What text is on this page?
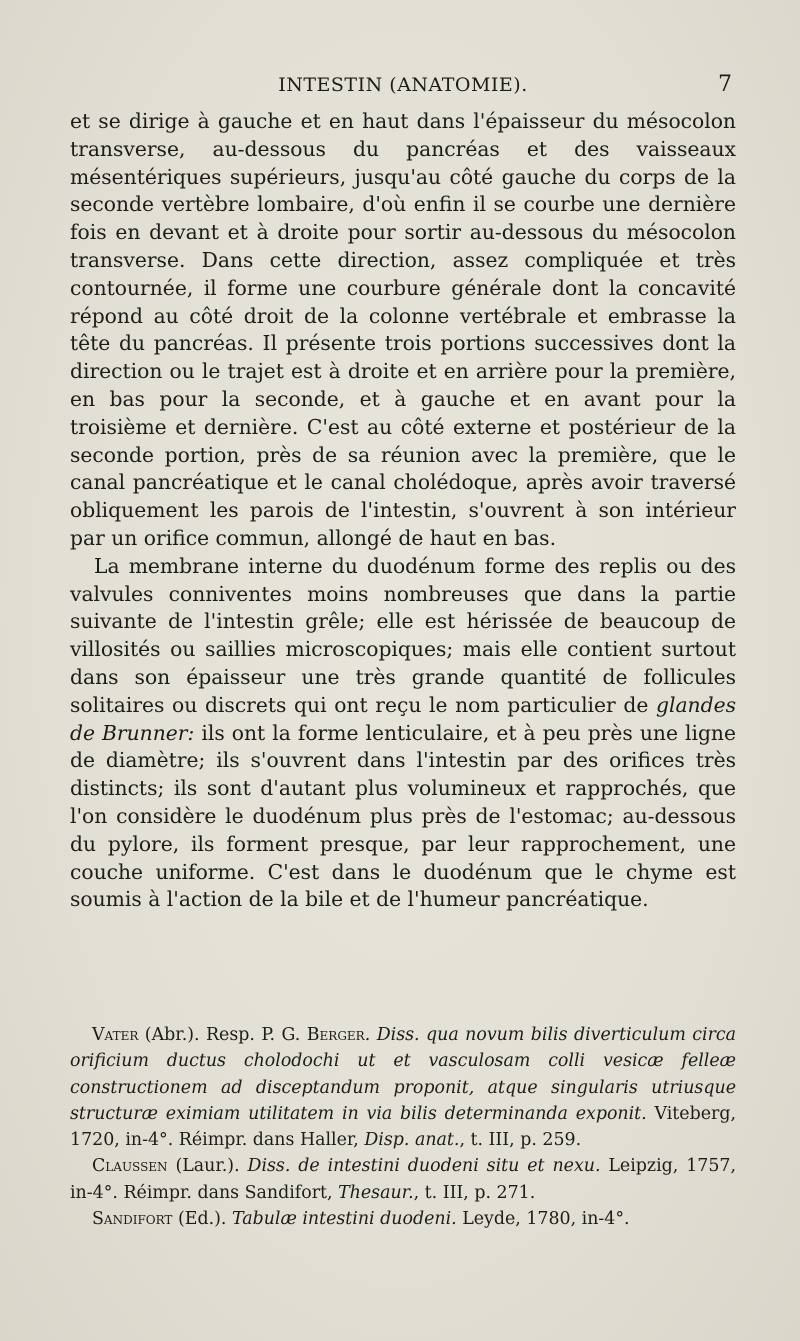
INTESTIN (ANATOMIE).	7

et se dirige à gauche et en haut dans l'épaisseur du mésocolon transverse, au-dessous du pancréas et des vaisseaux mésentériques supérieurs, jusqu'au côté gauche du corps de la seconde vertèbre lombaire, d'où enfin il se courbe une dernière fois en devant et à droite pour sortir au-dessous du mésocolon transverse. Dans cette direction, assez compliquée et très contournée, il forme une courbure générale dont la concavité répond au côté droit de la colonne vertébrale et embrasse la tête du pancréas. Il présente trois portions successives dont la direction ou le trajet est à droite et en arrière pour la première, en bas pour la seconde, et à gauche et en avant pour la troisième et dernière. C'est au côté externe et postérieur de la seconde portion, près de sa réunion avec la première, que le canal pancréatique et le canal cholédoque, après avoir traversé obliquement les parois de l'intestin, s'ouvrent à son intérieur par un orifice commun, allongé de haut en bas.

La membrane interne du duodénum forme des replis ou des valvules conniventes moins nombreuses que dans la partie suivante de l'intestin grêle; elle est hérissée de beaucoup de villosités ou saillies microscopiques; mais elle contient surtout dans son épaisseur une très grande quantité de follicules solitaires ou discrets qui ont reçu le nom particulier de glandes de Brunner: ils ont la forme lenticulaire, et à peu près une ligne de diamètre; ils s'ouvrent dans l'intestin par des orifices très distincts; ils sont d'autant plus volumineux et rapprochés, que l'on considère le duodénum plus près de l'estomac; au-dessous du pylore, ils forment presque, par leur rapprochement, une couche uniforme. C'est dans le duodénum que le chyme est soumis à l'action de la bile et de l'humeur pancréatique.

Vater (Abr.). Resp. P. G. Berger. Diss. qua novum bilis diverticulum circa orificium ductus cholodochi ut et vasculosam colli vesicæ felleæ constructionem ad disceptandum proponit, atque singularis utriusque structuræ eximiam utilitatem in via bilis determinanda exponit. Viteberg, 1720, in-4°. Réimpr. dans Haller, Disp. anat., t. III, p. 259.

Claussen (Laur.). Diss. de intestini duodeni situ et nexu. Leipzig, 1757, in-4°. Réimpr. dans Sandifort, Thesaur., t. III, p. 271.

Sandifort (Ed.). Tabulæ intestini duodeni. Leyde, 1780, in-4°.
